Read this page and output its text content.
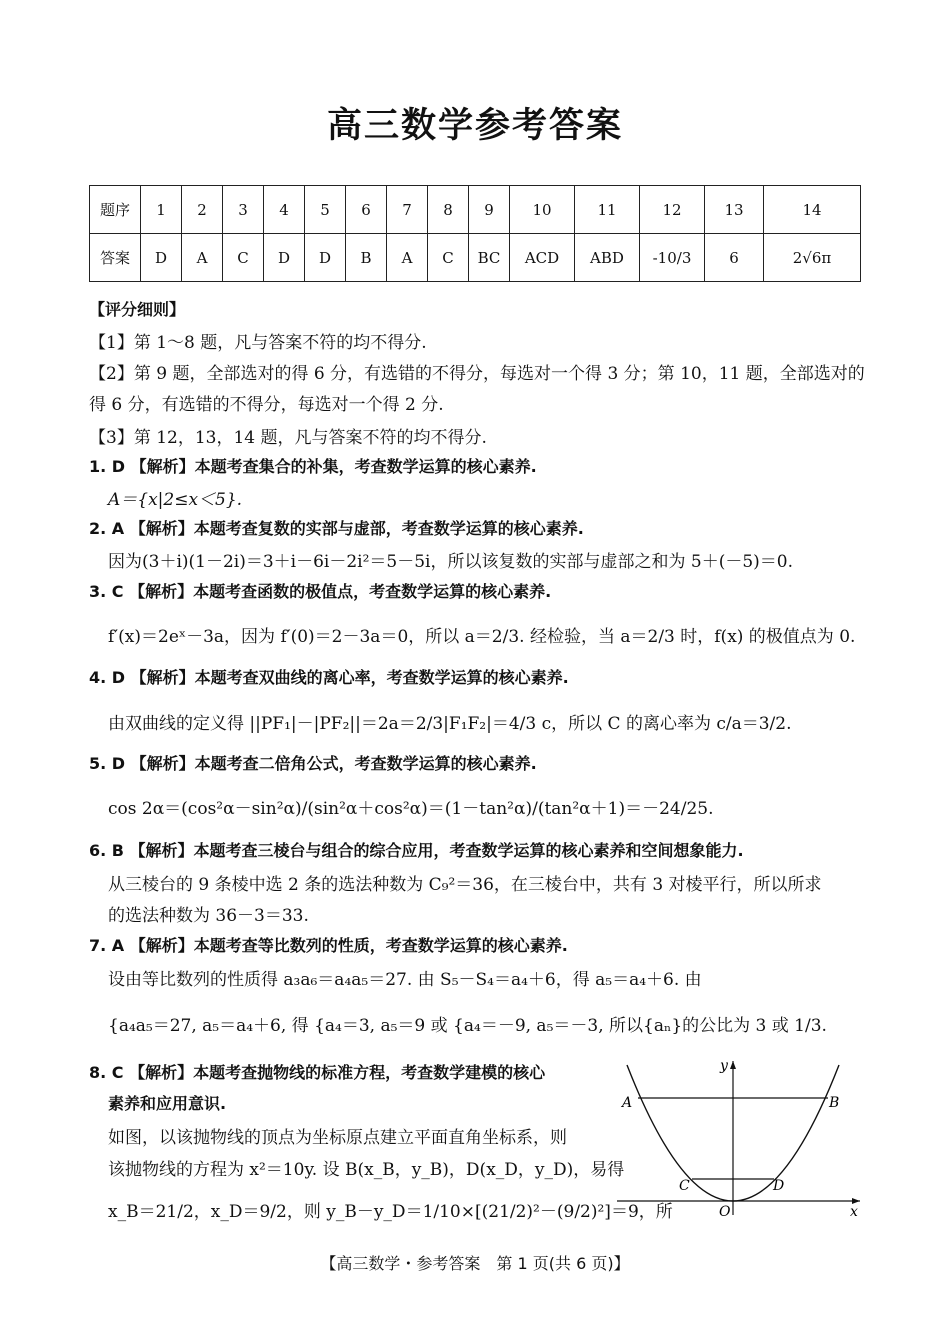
高三数学参考答案
题序	1	2	3	4	5	6	7	8	9	10	11	12	13	14
答案	D	A	C	D	D	B	A	C	BC	ACD	ABD	-10/3	6	2√6π
【评分细则】
【1】第 1～8 题，凡与答案不符的均不得分.
【2】第 9 题，全部选对的得 6 分，有选错的不得分，每选对一个得 3 分；第 10，11 题，全部选对的
得 6 分，有选错的不得分，每选对一个得 2 分.
【3】第 12，13，14 题，凡与答案不符的均不得分.
1. D 【解析】本题考查集合的补集，考查数学运算的核心素养.
A＝{x|2≤x＜5}.
2. A 【解析】本题考查复数的实部与虚部，考查数学运算的核心素养.
因为(3＋i)(1－2i)＝3＋i－6i－2i²＝5－5i，所以该复数的实部与虚部之和为 5＋(－5)＝0.
3. C 【解析】本题考查函数的极值点，考查数学运算的核心素养.
f′(x)＝2eˣ－3a，因为 f′(0)＝2－3a＝0，所以 a＝2/3. 经检验，当 a＝2/3 时，f(x) 的极值点为 0.
4. D 【解析】本题考查双曲线的离心率，考查数学运算的核心素养.
由双曲线的定义得 ||PF₁|－|PF₂||＝2a＝2/3|F₁F₂|＝4/3 c，所以 C 的离心率为 c/a＝3/2.
5. D 【解析】本题考查二倍角公式，考查数学运算的核心素养.
cos 2α＝(cos²α－sin²α)/(sin²α＋cos²α)＝(1－tan²α)/(tan²α＋1)＝－24/25.
6. B 【解析】本题考查三棱台与组合的综合应用，考查数学运算的核心素养和空间想象能力.
从三棱台的 9 条棱中选 2 条的选法种数为 C₉²＝36，在三棱台中，共有 3 对棱平行，所以所求
的选法种数为 36－3＝33.
7. A 【解析】本题考查等比数列的性质，考查数学运算的核心素养.
设由等比数列的性质得 a₃a₆＝a₄a₅＝27. 由 S₅－S₄＝a₄＋6，得 a₅＝a₄＋6. 由
{a₄a₅＝27, a₅＝a₄＋6, 得 {a₄＝3, a₅＝9 或 {a₄＝－9, a₅＝－3, 所以{aₙ}的公比为 3 或 1/3.
8. C 【解析】本题考查抛物线的标准方程，考查数学建模的核心
素养和应用意识.
如图，以该抛物线的顶点为坐标原点建立平面直角坐标系，则
该抛物线的方程为 x²＝10y. 设 B(x_B，y_B)，D(x_D，y_D)，易得
x_B＝21/2，x_D＝9/2，则 y_B－y_D＝1/10×[(21/2)²－(9/2)²]＝9，所
A	B
C	D
O	x
y
【高三数学・参考答案　第 1 页(共 6 页)】
